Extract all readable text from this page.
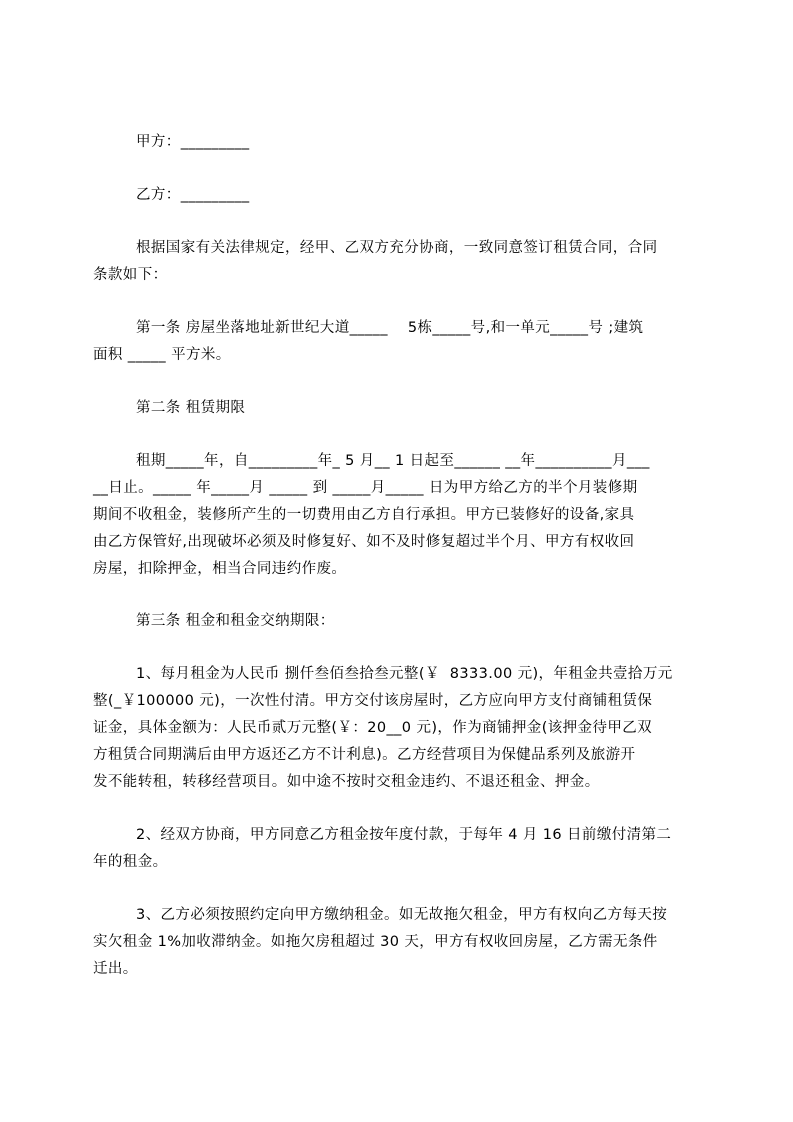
甲方：_________
乙方：_________
根据国家有关法律规定，经甲、乙双方充分协商，一致同意签订租赁合同，合同
条款如下：
第一条 房屋坐落地址新世纪大道_____    5栋_____号,和一单元_____号 ;建筑
面积 _____ 平方米。
第二条 租赁期限
租期_____年，自_________年_ 5 月__ 1 日起至______ __年__________月___
__日止。_____ 年_____月 _____ 到 _____月_____ 日为甲方给乙方的半个月装修期
期间不收租金，装修所产生的一切费用由乙方自行承担。甲方已装修好的设备,家具
由乙方保管好,出现破坏必须及时修复好、如不及时修复超过半个月、甲方有权收回
房屋，扣除押金，相当合同违约作废。
第三条 租金和租金交纳期限：
1、每月租金为人民币 捌仟叁佰叁拾叁元整(￥  8333.00 元)，年租金共壹拾万元
整(_￥100000 元)，一次性付清。甲方交付该房屋时，乙方应向甲方支付商铺租赁保
证金，具体金额为：人民币贰万元整(￥：20__0 元)，作为商铺押金(该押金待甲乙双
方租赁合同期满后由甲方返还乙方不计利息)。乙方经营项目为保健品系列及旅游开
发不能转租，转移经营项目。如中途不按时交租金违约、不退还租金、押金。
2、经双方协商，甲方同意乙方租金按年度付款，于每年 4 月 16 日前缴付清第二
年的租金。
3、乙方必须按照约定向甲方缴纳租金。如无故拖欠租金，甲方有权向乙方每天按
实欠租金 1%加收滞纳金。如拖欠房租超过 30 天，甲方有权收回房屋，乙方需无条件
迁出。
